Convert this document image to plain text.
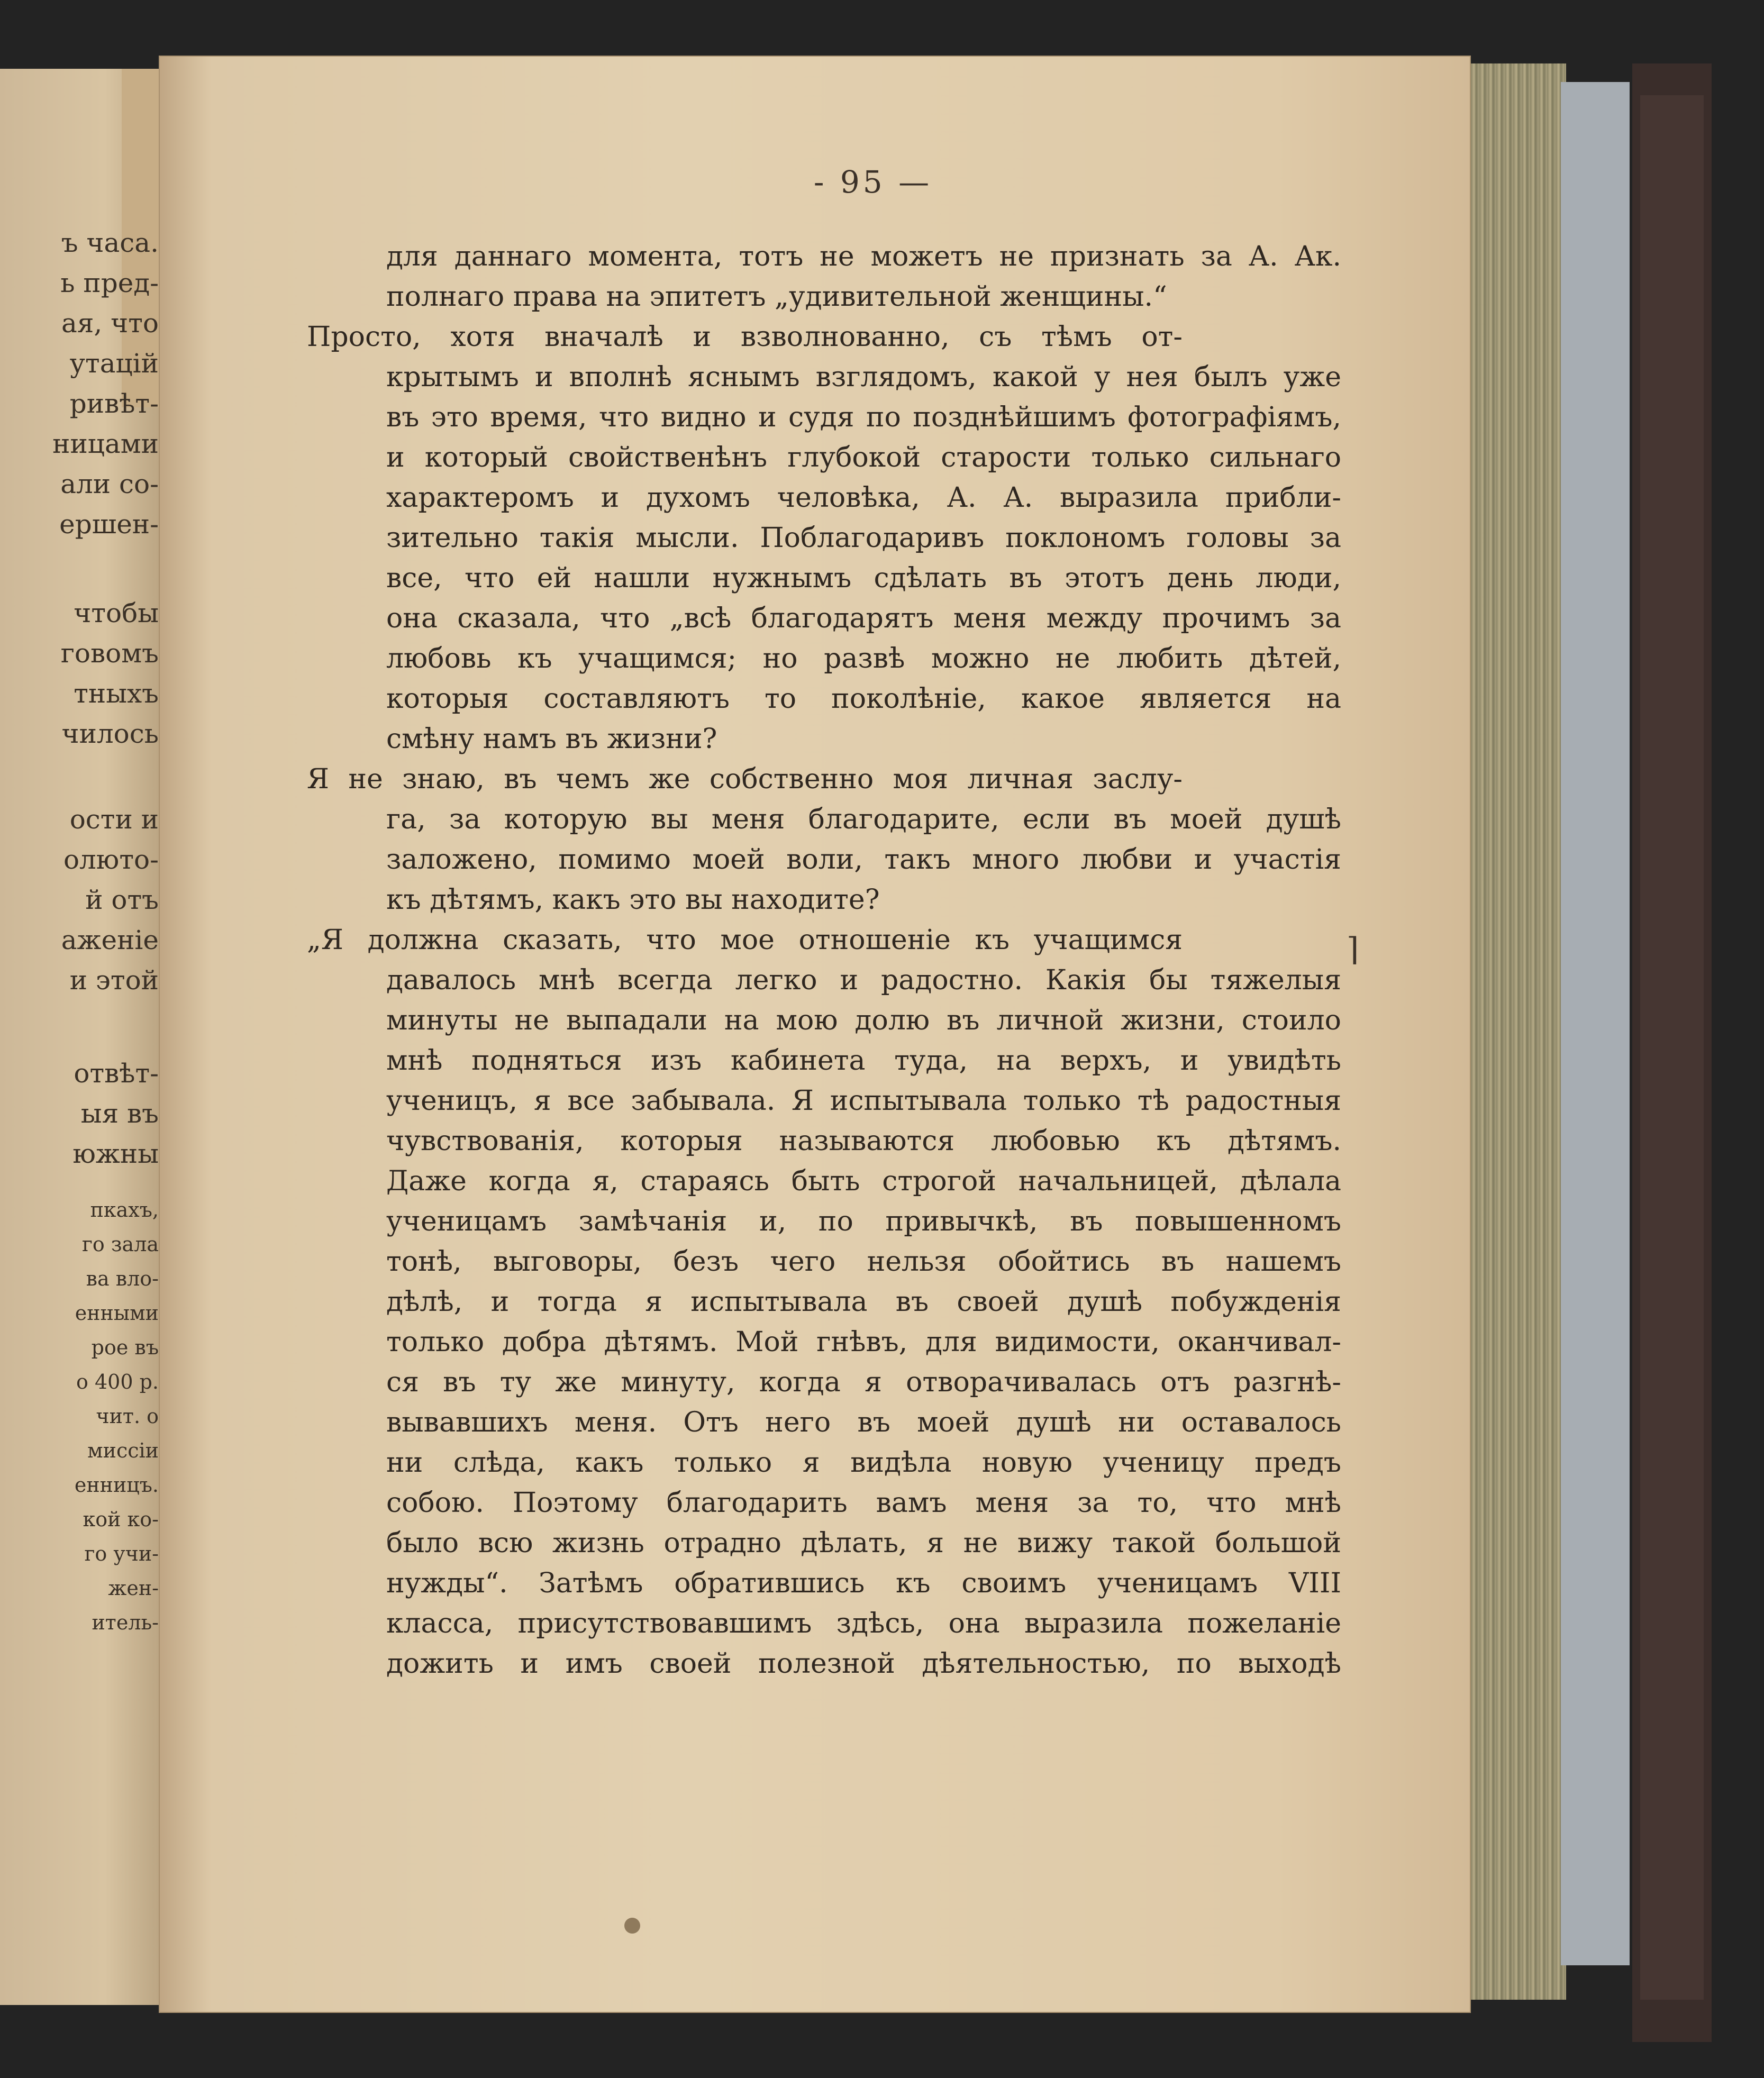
ъ часа.
ь пред-
ая, что
утацій
ривѣт-
ницами
али со-
ершен-
чтобы
говомъ
тныхъ
чилось
ости и
олюто-
й отъ
аженіе
и этой
отвѣт-
ыя въ
южны
пкахъ,
го зала
ва вло-
енными
рое въ
о 400 р.
чит. о
миссіи
енницъ.
кой ко-
го учи-
жен-
итель-
- 95 —
для даннаго момента, тотъ не можетъ не признать за А. Ак.
полнаго права на эпитетъ „удивительной женщины.“
Просто, хотя вначалѣ и взволнованно, съ тѣмъ от-
крытымъ и вполнѣ яснымъ взглядомъ, какой у нея былъ уже
въ это время, что видно и судя по позднѣйшимъ фотографіямъ,
и который свойственѣнъ глубокой старости только сильнаго
характеромъ и духомъ человѣка, А. А. выразила прибли-
зительно такія мысли. Поблагодаривъ поклономъ головы за
все, что ей нашли нужнымъ сдѣлать въ этотъ день люди,
она сказала, что „всѣ благодарятъ меня между прочимъ за
любовь къ учащимся; но развѣ можно не любить дѣтей,
которыя составляютъ то поколѣніе, какое является на
смѣну намъ въ жизни?
Я не знаю, въ чемъ же собственно моя личная заслу-
га, за которую вы меня благодарите, если въ моей душѣ
заложено, помимо моей воли, такъ много любви и участія
къ дѣтямъ, какъ это вы находите?
„Я должна сказать, что мое отношеніе къ учащимся
давалось мнѣ всегда легко и радостно. Какія бы тяжелыя
минуты не выпадали на мою долю въ личной жизни, стоило
мнѣ подняться изъ кабинета туда, на верхъ, и увидѣть
ученицъ, я все забывала. Я испытывала только тѣ радостныя
чувствованія, которыя называются любовью къ дѣтямъ.
Даже когда я, стараясь быть строгой начальницей, дѣлала
ученицамъ замѣчанія и, по привычкѣ, въ повышенномъ
тонѣ, выговоры, безъ чего нельзя обойтись въ нашемъ
дѣлѣ, и тогда я испытывала въ своей душѣ побужденія
только добра дѣтямъ. Мой гнѣвъ, для видимости, оканчивал-
ся въ ту же минуту, когда я отворачивалась отъ разгнѣ-
вывавшихъ меня. Отъ него въ моей душѣ ни оставалось
ни слѣда, какъ только я видѣла новую ученицу предъ
собою. Поэтому благодарить вамъ меня за то, что мнѣ
было всю жизнь отрадно дѣлать, я не вижу такой большой
нужды“. Затѣмъ обратившись къ своимъ ученицамъ VIII
класса, присутствовавшимъ здѣсь, она выразила пожеланіе
дожить и имъ своей полезной дѣятельностью, по выходѣ
⌉
